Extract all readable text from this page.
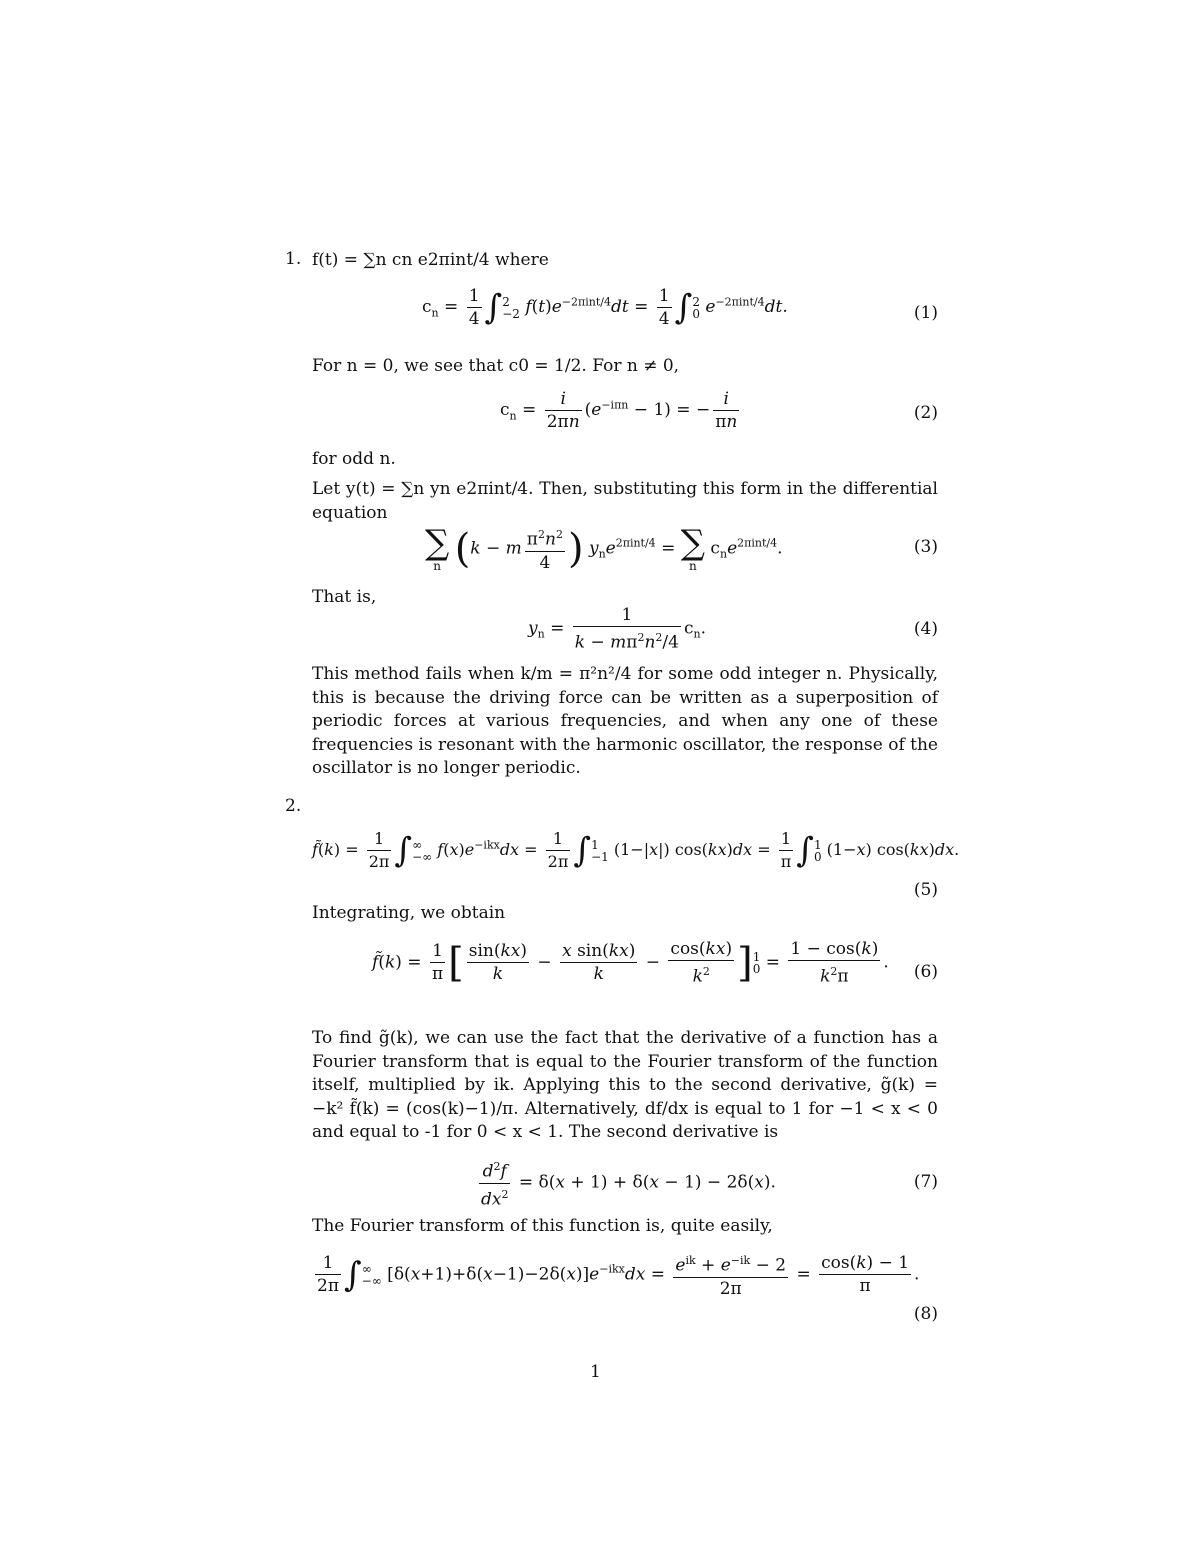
1. f(t) = ∑n cn e2πint/4 where
$c_n = \frac{1}{4}$ ∫ 2
−2 $f(t)e^{-2\pi int/4}dt = \frac{1}{4}$ ∫ 2
0 $e^{-2\pi int/4}dt$.	(1)
For n = 0, we see that c0 = 1/2. For n ≠ 0,
$c_n = \frac{i}{2\pi n} (e^{-i\pi n} - 1)$ = − $\frac{i}{\pi n}$	(2)
for odd n.
Let y(t) = ∑n yn e2πint/4. Then, substituting this form in the differential equation
∑
n (k − m $\frac{\pi^2n^2}{4}$ ) $y_ne^{2\pi int/4}$ = ∑
n
$c_ne^{2\pi int/4}$.	(3)
That is,
$y_n = \frac{1}{k - m\pi^2n^2/4} c_n$.	(4)
This method fails when k/m = π²n²/4 for some odd integer n. Physically, this is because the driving force can be written as a superposition of periodic forces at various frequencies, and when any one of these frequencies is resonant with the harmonic oscillator, the response of the oscillator is no longer periodic.
2.
f̃(k) = $\frac{1}{2\pi}$ ∫ ∞
−∞ $f(x)e^{-ikx}dx = \frac{1}{2\pi}$ ∫ 1
−1 (1−|x|) $\cos(kx)dx = \frac{1}{\pi}$ ∫ 1
0 (1−x) cos(kx)dx.
(5)
Integrating, we obtain
f̃(k) = $\frac{1}{\pi}$ [ $\frac{\sin(kx)}{k} - \frac{\text{x sin(kx)}}{k} - \frac{\cos(kx)}{k^2}$ ] 1
$0 = \frac{1 - \cos(k)}{k^2\pi}$ . (6)
To find g̃(k), we can use the fact that the derivative of a function has a Fourier transform that is equal to the Fourier transform of the function itself, multiplied by ik. Applying this to the second derivative, g̃(k) = −k² f̃(k) = (cos(k)−1)/π. Alternatively, df/dx is equal to 1 for −1 < x < 0 and equal to -1 for 0 < x < 1. The second derivative is
$\frac{d^2f}{dx^2} = \delta(x + 1) + \delta(x - 1) - 2\delta(x)$.	(7)
The Fourier transform of this function is, quite easily,
$\frac{1}{2\pi}$ ∫ ∞
−∞ $[\delta(x+1)+\delta(x-1)-2\delta(x)]e^{-ikx}dx = \frac{e^{ik} + e^{-ik} - 2}{2\pi} = \frac{\cos(k) - 1}{\pi}$ .
(8)
1
